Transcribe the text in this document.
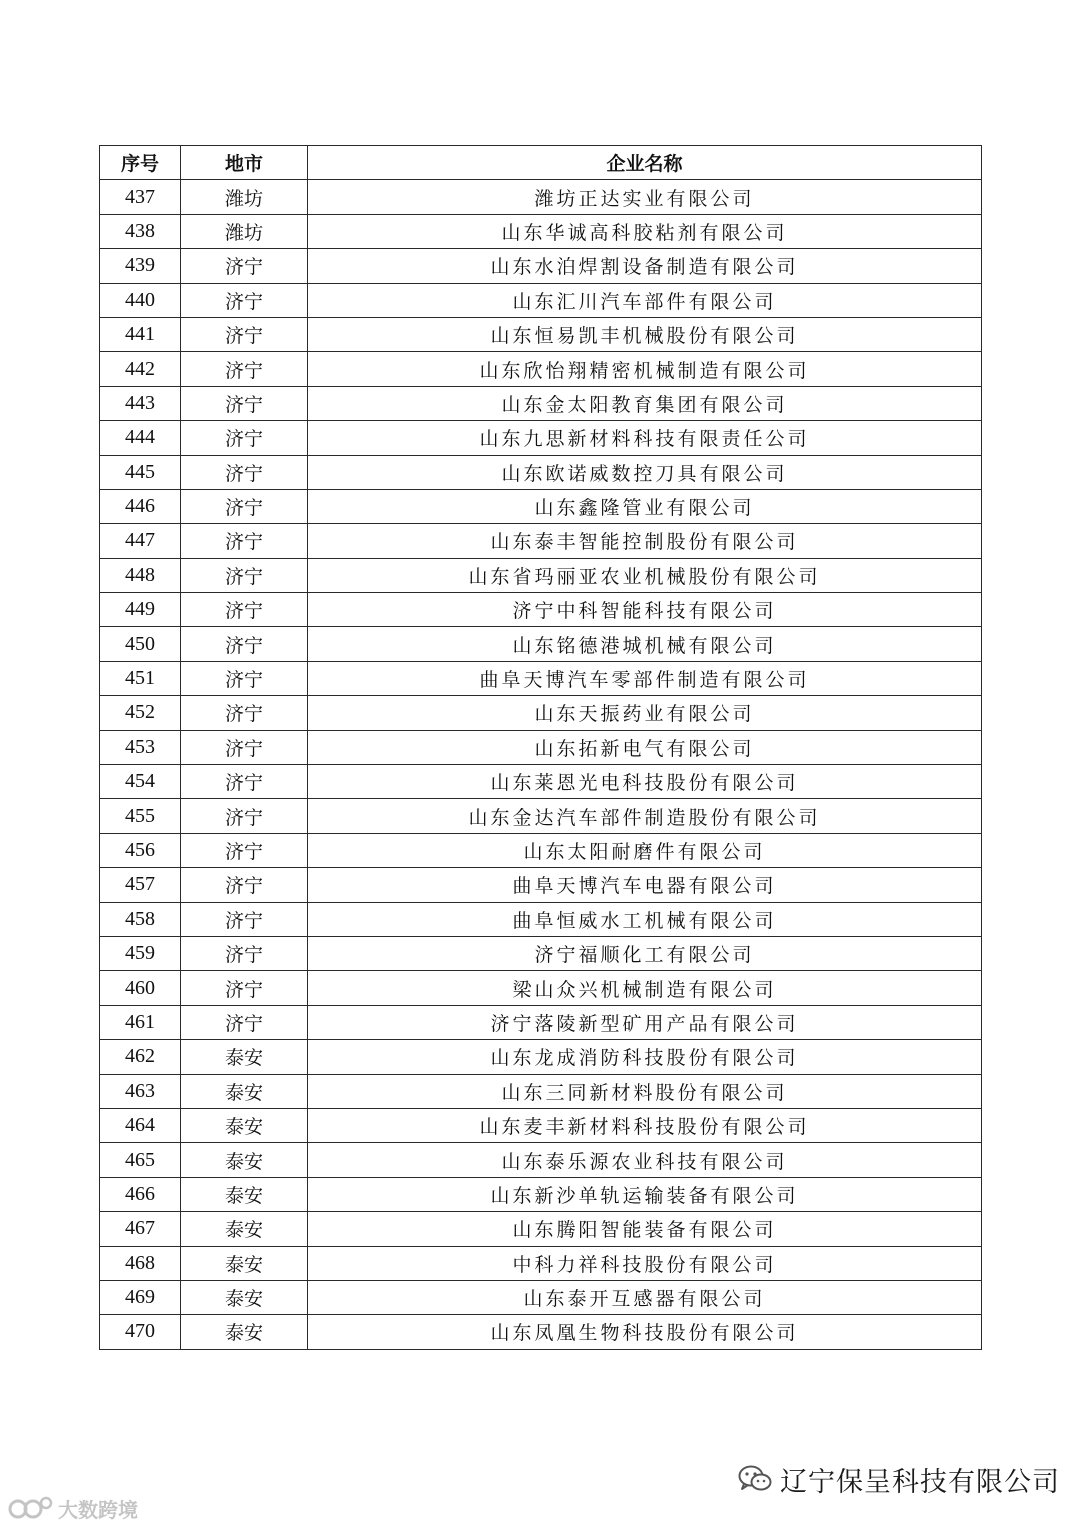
序号	地市	企业名称
437	潍坊	潍坊正达实业有限公司
438	潍坊	山东华诚高科胶粘剂有限公司
439	济宁	山东水泊焊割设备制造有限公司
440	济宁	山东汇川汽车部件有限公司
441	济宁	山东恒易凯丰机械股份有限公司
442	济宁	山东欣怡翔精密机械制造有限公司
443	济宁	山东金太阳教育集团有限公司
444	济宁	山东九思新材料科技有限责任公司
445	济宁	山东欧诺威数控刀具有限公司
446	济宁	山东鑫隆管业有限公司
447	济宁	山东泰丰智能控制股份有限公司
448	济宁	山东省玛丽亚农业机械股份有限公司
449	济宁	济宁中科智能科技有限公司
450	济宁	山东铭德港城机械有限公司
451	济宁	曲阜天博汽车零部件制造有限公司
452	济宁	山东天振药业有限公司
453	济宁	山东拓新电气有限公司
454	济宁	山东莱恩光电科技股份有限公司
455	济宁	山东金达汽车部件制造股份有限公司
456	济宁	山东太阳耐磨件有限公司
457	济宁	曲阜天博汽车电器有限公司
458	济宁	曲阜恒威水工机械有限公司
459	济宁	济宁福顺化工有限公司
460	济宁	梁山众兴机械制造有限公司
461	济宁	济宁落陵新型矿用产品有限公司
462	泰安	山东龙成消防科技股份有限公司
463	泰安	山东三同新材料股份有限公司
464	泰安	山东麦丰新材料科技股份有限公司
465	泰安	山东泰乐源农业科技有限公司
466	泰安	山东新沙单轨运输装备有限公司
467	泰安	山东腾阳智能装备有限公司
468	泰安	中科力祥科技股份有限公司
469	泰安	山东泰开互感器有限公司
470	泰安	山东凤凰生物科技股份有限公司
辽宁保呈科技有限公司
大数跨境
